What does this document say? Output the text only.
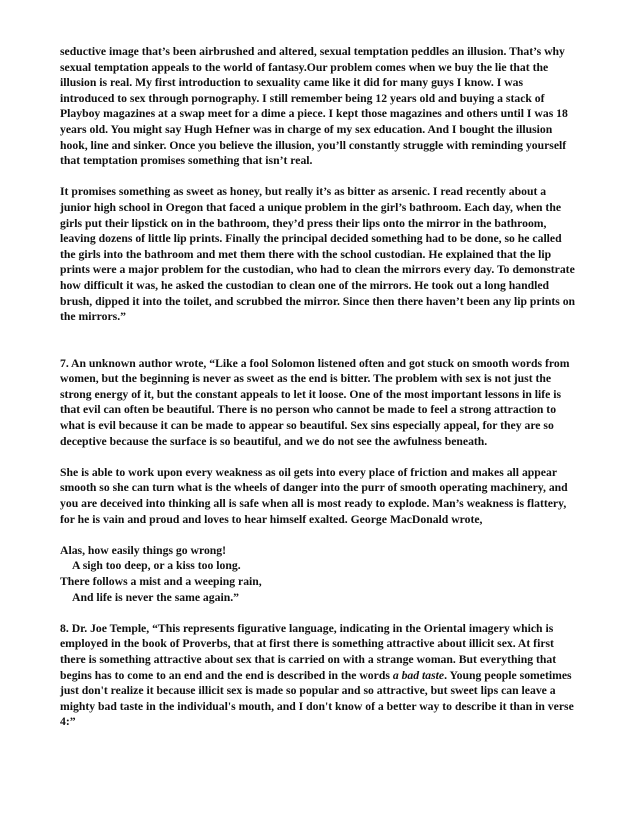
seductive image that’s been airbrushed and altered, sexual temptation peddles an illusion. That’s why sexual temptation appeals to the world of fantasy.Our problem comes when we buy the lie that the illusion is real. My first introduction to sexuality came like it did for many guys I know. I was introduced to sex through pornography. I still remember being 12 years old and buying a stack of Playboy magazines at a swap meet for a dime a piece. I kept those magazines and others until I was 18 years old. You might say Hugh Hefner was in charge of my sex education. And I bought the illusion hook, line and sinker. Once you believe the illusion, you’ll constantly struggle with reminding yourself that temptation promises something that isn’t real.

It promises something as sweet as honey, but really it’s as bitter as arsenic. I read recently about a junior high school in Oregon that faced a unique problem in the girl’s bathroom. Each day, when the girls put their lipstick on in the bathroom, they’d press their lips onto the mirror in the bathroom, leaving dozens of little lip prints. Finally the principal decided something had to be done, so he called the girls into the bathroom and met them there with the school custodian. He explained that the lip prints were a major problem for the custodian, who had to clean the mirrors every day. To demonstrate how difficult it was, he asked the custodian to clean one of the mirrors. He took out a long handled brush, dipped it into the toilet, and scrubbed the mirror. Since then there haven’t been any lip prints on the mirrors.”

7. An unknown author wrote, “Like a fool Solomon listened often and got stuck on smooth words from women, but the beginning is never as sweet as the end is bitter. The problem with sex is not just the strong energy of it, but the constant appeals to let it loose. One of the most important lessons in life is that evil can often be beautiful. There is no person who cannot be made to feel a strong attraction to what is evil because it can be made to appear so beautiful. Sex sins especially appeal, for they are so deceptive because the surface is so beautiful, and we do not see the awfulness beneath.

She is able to work upon every weakness as oil gets into every place of friction and makes all appear smooth so she can turn what is the wheels of danger into the purr of smooth operating machinery, and you are deceived into thinking all is safe when all is most ready to explode. Man’s weakness is flattery, for he is vain and proud and loves to hear himself exalted. George MacDonald wrote,

Alas, how easily things go wrong!
A sigh too deep, or a kiss too long.
There follows a mist and a weeping rain,
And life is never the same again.”

8. Dr. Joe Temple, “This represents figurative language, indicating in the Oriental imagery which is employed in the book of Proverbs, that at first there is something attractive about illicit sex. At first there is something attractive about sex that is carried on with a strange woman. But everything that begins has to come to an end and the end is described in the words a bad taste. Young people sometimes just don't realize it because illicit sex is made so popular and so attractive, but sweet lips can leave a mighty bad taste in the individual's mouth, and I don't know of a better way to describe it than in verse 4:”
